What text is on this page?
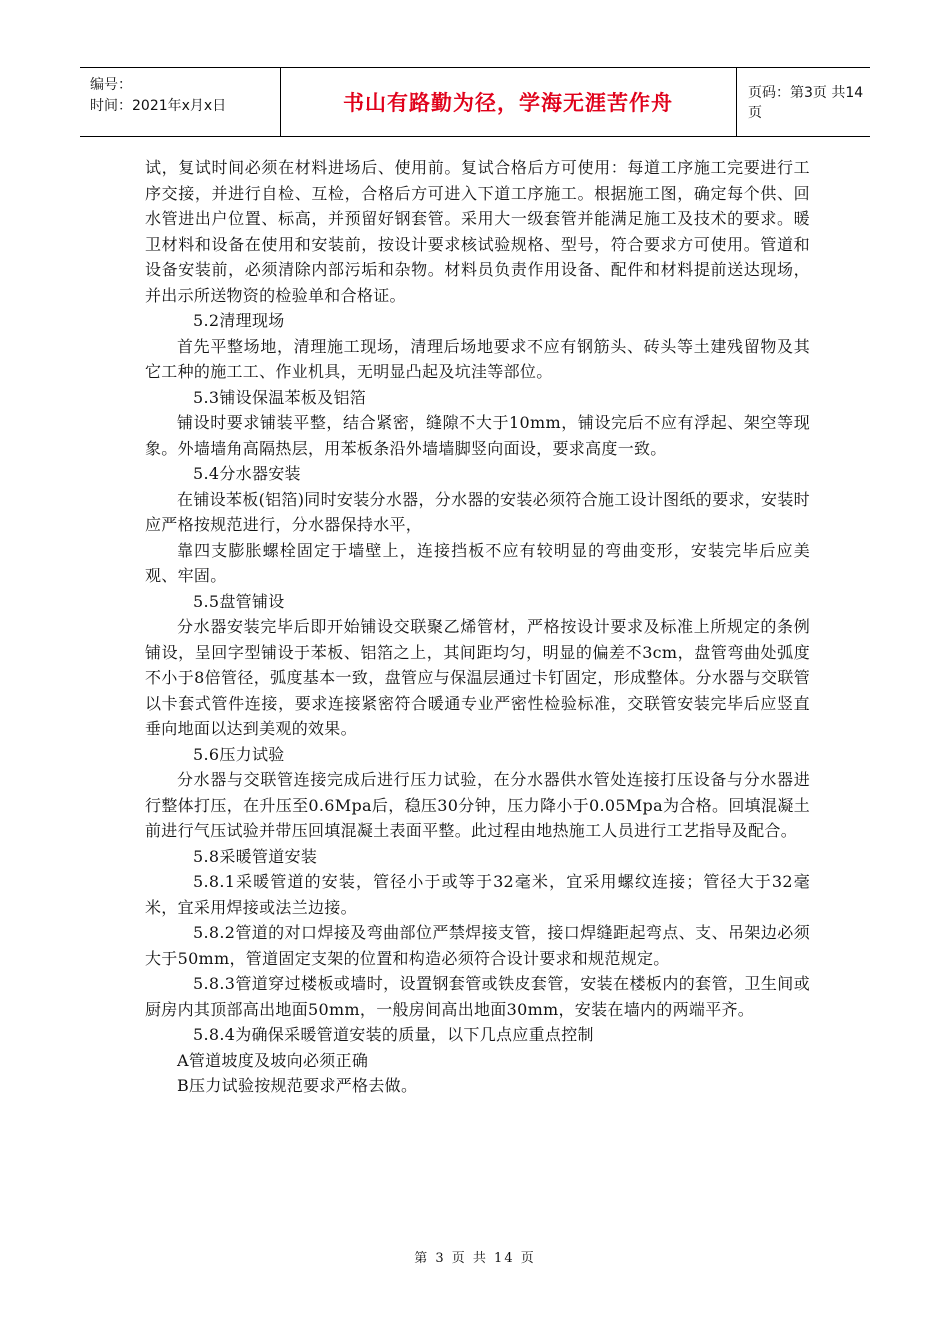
编号：
时间：2021年x月x日	书山有路勤为径，学海无涯苦作舟	页码：第3页 共14页

试，复试时间必须在材料进场后、使用前。复试合格后方可使用：每道工序施工完要进行工序交接，并进行自检、互检，合格后方可进入下道工序施工。根据施工图，确定每个供、回水管进出户位置、标高，并预留好钢套管。采用大一级套管并能满足施工及技术的要求。暖卫材料和设备在使用和安装前，按设计要求核试验规格、型号，符合要求方可使用。管道和设备安装前，必须清除内部污垢和杂物。材料员负责作用设备、配件和材料提前送达现场，并出示所送物资的检验单和合格证。

5.2清理现场

首先平整场地，清理施工现场，清理后场地要求不应有钢筋头、砖头等土建残留物及其它工种的施工工、作业机具，无明显凸起及坑洼等部位。

5.3铺设保温苯板及铝箔

铺设时要求铺装平整，结合紧密，缝隙不大于10mm，铺设完后不应有浮起、架空等现象。外墙墙角高隔热层，用苯板条沿外墙墙脚竖向面设，要求高度一致。

5.4分水器安装

在铺设苯板(铝箔)同时安装分水器，分水器的安装必须符合施工设计图纸的要求，安装时应严格按规范进行，分水器保持水平，

靠四支膨胀螺栓固定于墙壁上，连接挡板不应有较明显的弯曲变形，安装完毕后应美观、牢固。

5.5盘管铺设

分水器安装完毕后即开始铺设交联聚乙烯管材，严格按设计要求及标准上所规定的条例铺设，呈回字型铺设于苯板、铝箔之上，其间距均匀，明显的偏差不3cm，盘管弯曲处弧度不小于8倍管径，弧度基本一致，盘管应与保温层通过卡钉固定，形成整体。分水器与交联管以卡套式管件连接，要求连接紧密符合暖通专业严密性检验标准，交联管安装完毕后应竖直垂向地面以达到美观的效果。

5.6压力试验

分水器与交联管连接完成后进行压力试验，在分水器供水管处连接打压设备与分水器进行整体打压，在升压至0.6Mpa后，稳压30分钟，压力降小于0.05Mpa为合格。回填混凝土前进行气压试验并带压回填混凝土表面平整。此过程由地热施工人员进行工艺指导及配合。

5.8采暖管道安装

5.8.1采暖管道的安装，管径小于或等于32毫米，宜采用螺纹连接；管径大于32毫米，宜采用焊接或法兰边接。

5.8.2管道的对口焊接及弯曲部位严禁焊接支管，接口焊缝距起弯点、支、吊架边必须大于50mm，管道固定支架的位置和构造必须符合设计要求和规范规定。

5.8.3管道穿过楼板或墙时，设置钢套管或铁皮套管，安装在楼板内的套管，卫生间或厨房内其顶部高出地面50mm，一般房间高出地面30mm，安装在墙内的两端平齐。

5.8.4为确保采暖管道安装的质量，以下几点应重点控制

A管道坡度及坡向必须正确

B压力试验按规范要求严格去做。

第 3 页 共 14 页
